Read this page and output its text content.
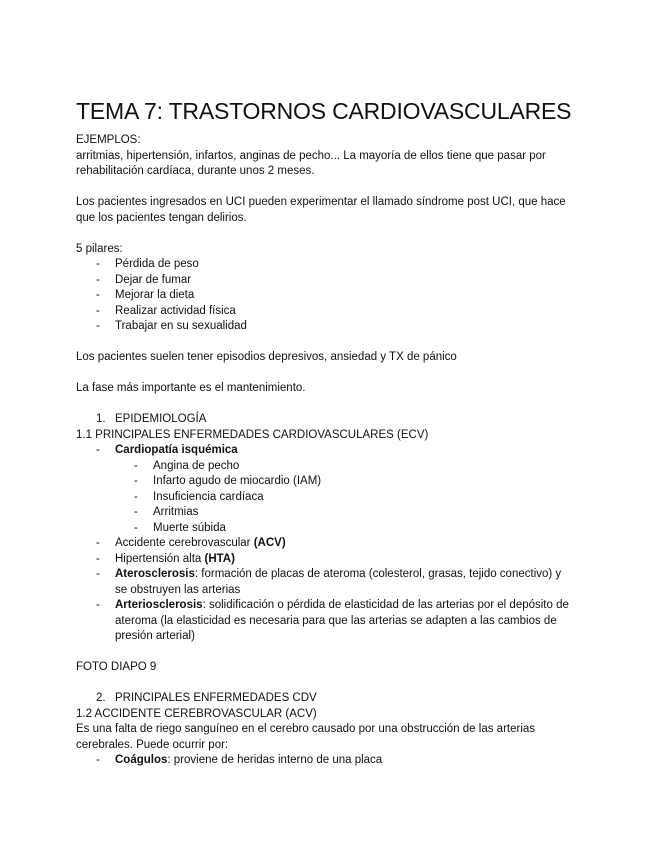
TEMA 7: TRASTORNOS CARDIOVASCULARES

EJEMPLOS:

arritmias, hipertensión, infartos, anginas de pecho... La mayoría de ellos tiene que pasar por rehabilitación cardíaca, durante unos 2 meses.

Los pacientes ingresados en UCI pueden experimentar el llamado síndrome post UCI, que hace que los pacientes tengan delirios.

5 pilares:

- Pérdida de peso
- Dejar de fumar
- Mejorar la dieta
- Realizar actividad física
- Trabajar en su sexualidad

Los pacientes suelen tener episodios depresivos, ansiedad y TX de pánico

La fase más importante es el mantenimiento.

1. EPIDEMIOLOGÍA

1.1 PRINCIPALES ENFERMEDADES CARDIOVASCULARES (ECV)

- Cardiopatía isquémica
- Angina de pecho
- Infarto agudo de miocardio (IAM)
- Insuficiencia cardíaca
- Arritmias
- Muerte súbida
- Accidente cerebrovascular (ACV)
- Hipertensión alta (HTA)
- Aterosclerosis: formación de placas de ateroma (colesterol, grasas, tejido conectivo) y se obstruyen las arterias
- Arteriosclerosis: solidificación o pérdida de elasticidad de las arterias por el depósito de ateroma (la elasticidad es necesaria para que las arterias se adapten a las cambios de presión arterial)

FOTO DIAPO 9

2. PRINCIPALES ENFERMEDADES CDV

1.2 ACCIDENTE CEREBROVASCULAR (ACV)

Es una falta de riego sanguíneo en el cerebro causado por una obstrucción de las arterias cerebrales. Puede ocurrir por:

- Coágulos: proviene de heridas interno de una placa
